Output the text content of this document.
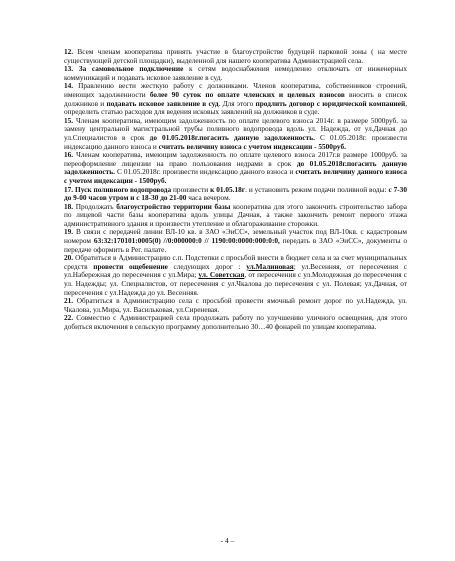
12. Всем членам кооператива принять участие в благоустройстве будущей парковой зоны ( на месте существующей детской площадки), выделенной для нашего кооператива Администрацией села.

13. За самовольное подключение к сетям водоснабжения немедленно отключать от инженерных коммуникаций и подавать исковое заявление в суд.

14. Правлению вести жесткую работу с должниками. Членов кооператива, собственников строений, имеющих задолженности более 90 суток по оплате членских и целевых взносов вносить в список должников и подавать исковое заявление в суд. Для этого продлить договор с юридической компанией, определить статью расходов для ведения исковых заявлений на должников в суде.

15. Членам кооператива, имеющим задолженность по оплате целевого взноса 2014г. в размере 5000руб. за замену центральной магистральной трубы поливного водопровода вдоль ул. Надежда, от ул.Дачная до ул.Специалистов в срок до 01.05.2018г.погасить данную задолженность. С 01.05.2018г. произвести индексацию данного взноса и считать величину взноса с учетом индексации - 5500руб.

16. Членам кооператива, имеющим задолженность по оплате целевого взноса 2017г.в размере 1000руб. за переоформление лицензии на право пользования недрами в срок до 01.05.2018г.погасить данную задолженность. С 01.05.2018г. произвести индексацию данного взноса и считать величину данного взноса с учетом индексации - 1500руб.

17. Пуск поливного водопровода произвести к 01.05.18г. и установить режим подачи поливной воды: с 7-30 до 9-00 часов утром и с 18-30 до 21-00 часа вечером.

18. Продолжать благоустройство территории базы кооператива для этого закончить строительство забора по лицевой части базы кооператива вдоль улицы Дачная, а также закончить ремонт первого этажа административного здания и произвести утепление и облагораживание сторожки.

19. В связи с передачей линии ВЛ-10 кв. в ЗАО «ЭиСС», земельный участок под ВЛ-10кв. с кадастровым номером 63:32:170101:0005(0) //0:000000:0 // 1190:00:0000:000:0:0, передать в ЗАО «ЭиСС», документы о передаче оформить в Рег. палате.

20. Обратиться в Администрацию с.п. Подстепки с просьбой внести в бюджет села и за счет муниципальных средств провести ощебенение следующих дорог : ул.Малиновая; ул.Весенняя, от пересечения с ул.Набережная до пересечения с ул.Мира; ул. Советская, от пересечения с ул.Молодежная до пересечения с ул. Надежды; ул. Специалистов, от пересечения с ул.Чкалова до пересечения с ул. Полевая; ул.Дачная, от пересечения с ул.Надежда до ул. Весенняя.

21. Обратиться в Администрацию села с просьбой провести ямочный ремонт дорог по ул.Надежда, ул. Чкалова, ул.Мира, ул. Васильковая, ул.Сиреневая.

22. Совместно с Администрацией села продолжать работу по улучшению уличного освещения, для этого добиться включения в сельскую программу дополнительно 30…40 фонарей по улицам кооператива.

- 4 –
